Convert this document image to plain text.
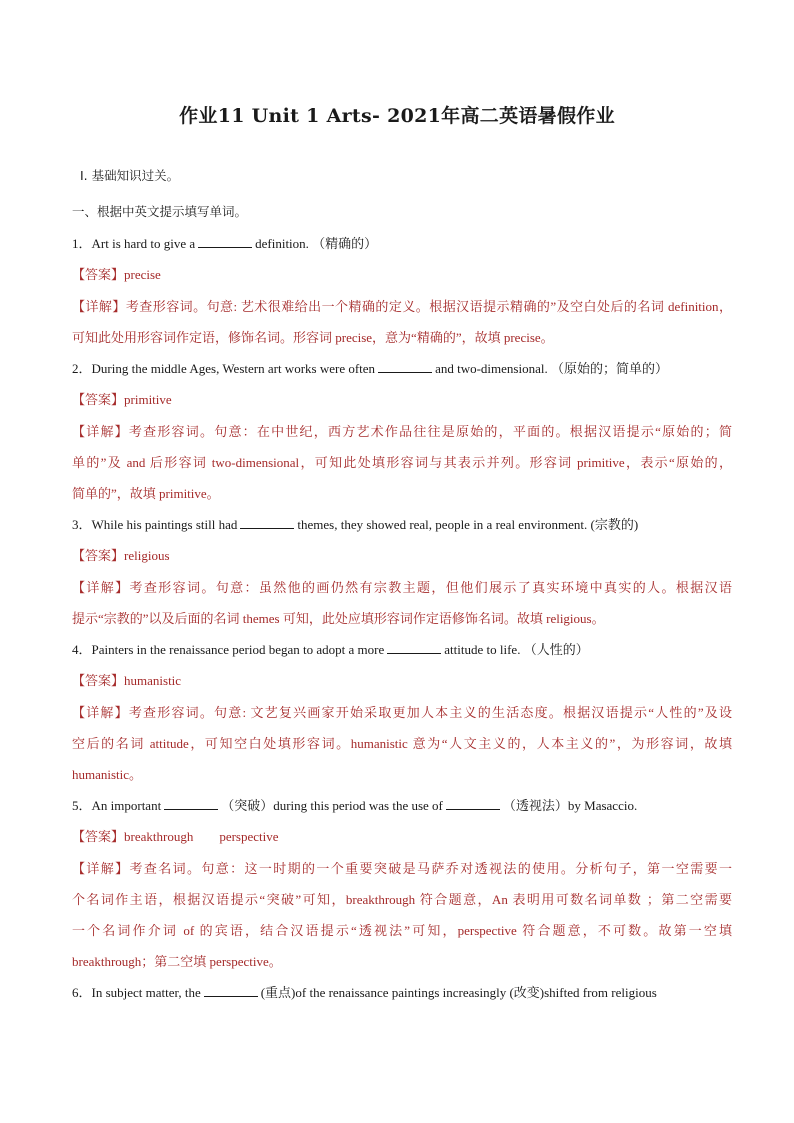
作业11 Unit 1 Arts- 2021年高二英语暑假作业
I. 基础知识过关。
一、根据中英文提示填写单词。
1．Art is hard to give a	definition. （精确的）
【答案】precise
【详解】考查形容词。句意: 艺术很难给出一个精确的定义。根据汉语提示精确的”及空白处后的名词 definition，
可知此处用形容词作定语，修饰名词。形容词 precise，意为“精确的”，故填 precise。
2．During the middle Ages, Western art works were often	and two-dimensional. （原始的；简单的）
【答案】primitive
【详解】考查形容词。句意：在中世纪，西方艺术作品往往是原始的，平面的。根据汉语提示“原始的；简
单的”及 and 后形容词 two-dimensional，可知此处填形容词与其表示并列。形容词 primitive，表示“原始的，
简单的”，故填 primitive。
3．While his paintings still had	themes, they showed real, people in a real environment. (宗教的)
【答案】religious
【详解】考查形容词。句意：虽然他的画仍然有宗教主题，但他们展示了真实环境中真实的人。根据汉语
提示“宗教的”以及后面的名词 themes 可知，此处应填形容词作定语修饰名词。故填 religious。
4．Painters in the renaissance period began to adopt a more	attitude to life. （人性的）
【答案】humanistic
【详解】考查形容词。句意: 文艺复兴画家开始采取更加人本主义的生活态度。根据汉语提示“人性的”及设
空后的名词 attitude，可知空白处填形容词。humanistic 意为“人文主义的，人本主义的”，为形容词，故填
humanistic。
5．An important	（突破）during this period was the use of	（透视法）by Masaccio.
【答案】breakthrough perspective
【详解】考查名词。句意：这一时期的一个重要突破是马萨乔对透视法的使用。分析句子，第一空需要一
个名词作主语，根据汉语提示“突破”可知，breakthrough 符合题意，An 表明用可数名词单数 ；第二空需要
一个名词作介词 of 的宾语，结合汉语提示“透视法”可知，perspective 符合题意，不可数。故第一空填
breakthrough；第二空填 perspective。
6．In subject matter, the	(重点)of the renaissance paintings increasingly (改变)shifted from religious
